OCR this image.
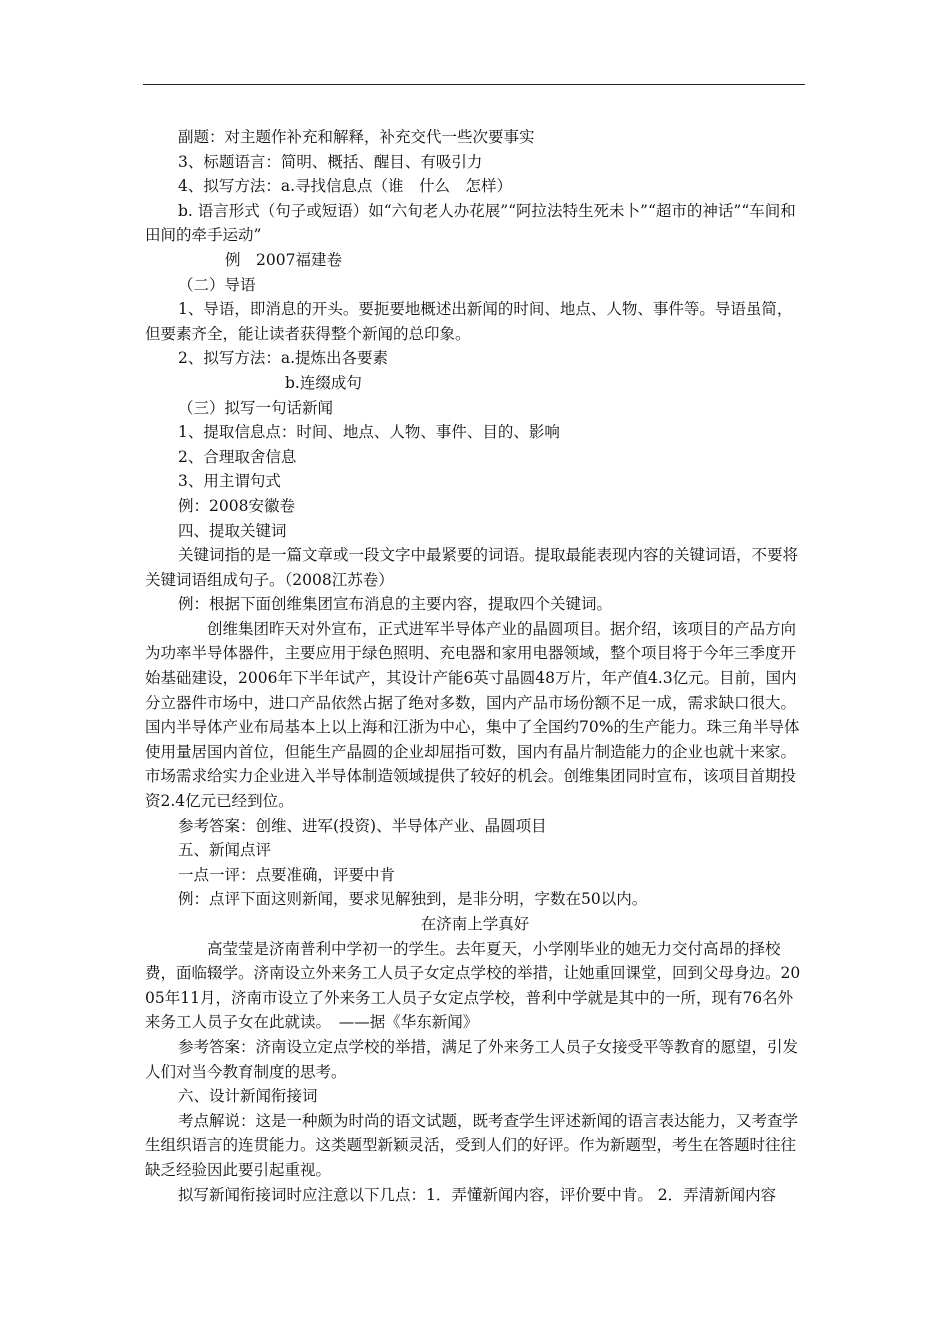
副题：对主题作补充和解释，补充交代一些次要事实

3、标题语言：简明、概括、醒目、有吸引力

4、拟写方法：a.寻找信息点（谁　什么　怎样）

b. 语言形式（句子或短语）如“六旬老人办花展”“阿拉法特生死未卜”“超市的神话”“车间和田间的牵手运动”

例　2007福建卷

（二）导语

1、导语，即消息的开头。要扼要地概述出新闻的时间、地点、人物、事件等。导语虽简，但要素齐全，能让读者获得整个新闻的总印象。

2、拟写方法：a.提炼出各要素

b.连缀成句

（三）拟写一句话新闻

1、提取信息点：时间、地点、人物、事件、目的、影响

2、合理取舍信息

3、用主谓句式

例：2008安徽卷

四、提取关键词

关键词指的是一篇文章或一段文字中最紧要的词语。提取最能表现内容的关键词语，不要将关键词语组成句子。（2008江苏卷）

例：根据下面创维集团宣布消息的主要内容，提取四个关键词。

创维集团昨天对外宣布，正式进军半导体产业的晶圆项目。据介绍，该项目的产品方向为功率半导体器件，主要应用于绿色照明、充电器和家用电器领域，整个项目将于今年三季度开始基础建设，2006年下半年试产，其设计产能6英寸晶圆48万片，年产值4.3亿元。目前，国内分立器件市场中，进口产品依然占据了绝对多数，国内产品市场份额不足一成，需求缺口很大。国内半导体产业布局基本上以上海和江浙为中心，集中了全国约70%的生产能力。珠三角半导体使用量居国内首位，但能生产晶圆的企业却屈指可数，国内有晶片制造能力的企业也就十来家。市场需求给实力企业进入半导体制造领域提供了较好的机会。创维集团同时宣布，该项目首期投资2.4亿元已经到位。

参考答案：创维、进军(投资)、半导体产业、晶圆项目

五、新闻点评

一点一评：点要准确，评要中肯

例：点评下面这则新闻，要求见解独到，是非分明，字数在50以内。

在济南上学真好

高莹莹是济南普利中学初一的学生。去年夏天，小学刚毕业的她无力交付高昂的择校费，面临辍学。济南设立外来务工人员子女定点学校的举措，让她重回课堂，回到父母身边。2005年11月，济南市设立了外来务工人员子女定点学校，普利中学就是其中的一所，现有76名外来务工人员子女在此就读。　——据《华东新闻》

参考答案：济南设立定点学校的举措，满足了外来务工人员子女接受平等教育的愿望，引发人们对当今教育制度的思考。

六、设计新闻衔接词

考点解说：这是一种颇为时尚的语文试题，既考查学生评述新闻的语言表达能力，又考查学生组织语言的连贯能力。这类题型新颖灵活，受到人们的好评。作为新题型，考生在答题时往往缺乏经验因此要引起重视。

拟写新闻衔接词时应注意以下几点：1．弄懂新闻内容，评价要中肯。 2．弄清新闻内容
